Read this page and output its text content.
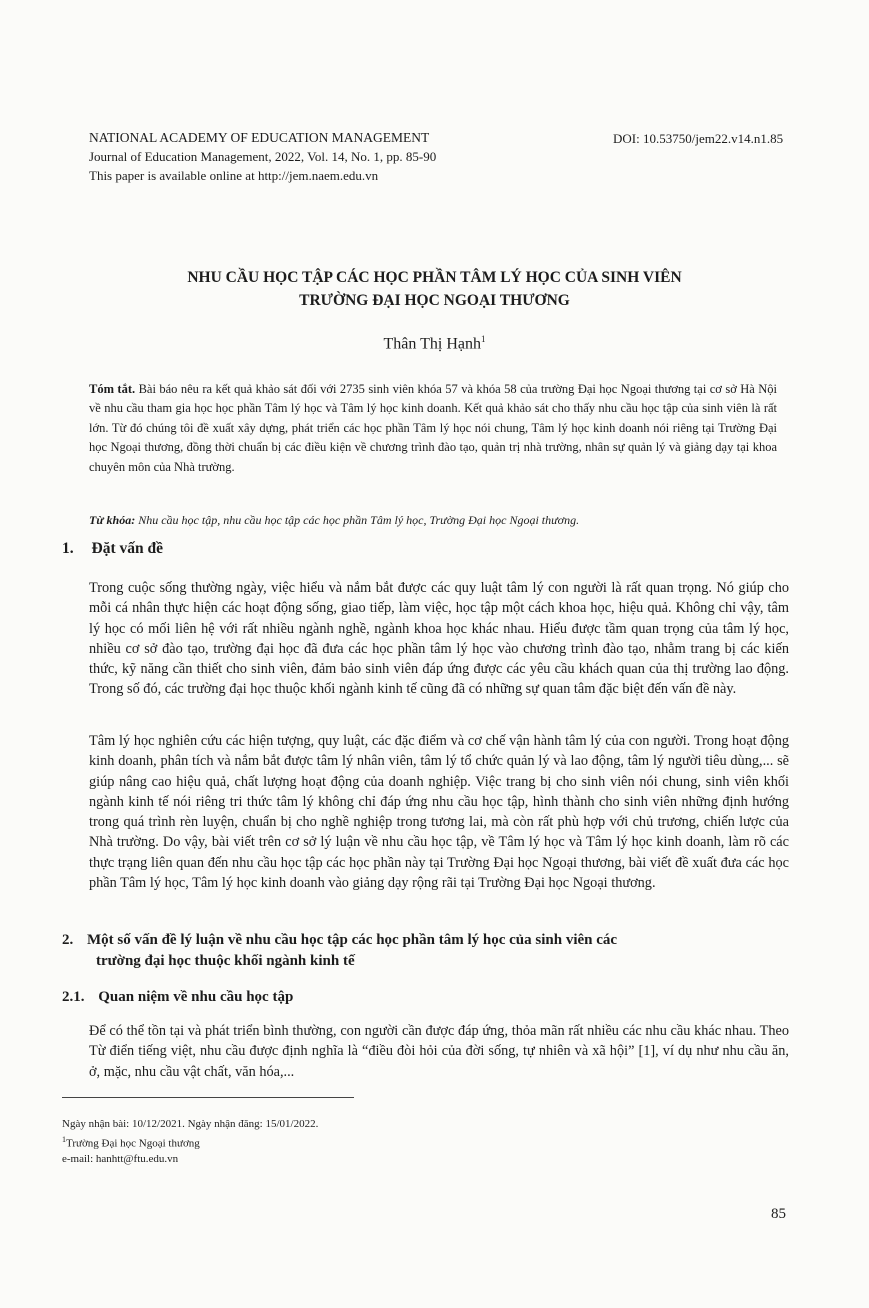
NATIONAL ACADEMY OF EDUCATION MANAGEMENT
Journal of Education Management, 2022, Vol. 14, No. 1, pp. 85-90
This paper is available online at http://jem.naem.edu.vn
DOI: 10.53750/jem22.v14.n1.85
NHU CẦU HỌC TẬP CÁC HỌC PHẦN TÂM LÝ HỌC CỦA SINH VIÊN
TRƯỜNG ĐẠI HỌC NGOẠI THƯƠNG
Thân Thị Hạnh$^1$
Tóm tắt. Bài báo nêu ra kết quả khảo sát đối với 2735 sinh viên khóa 57 và khóa 58 của trường Đại học Ngoại thương tại cơ sở Hà Nội về nhu cầu tham gia học học phần Tâm lý học và Tâm lý học kinh doanh. Kết quả khảo sát cho thấy nhu cầu học tập của sinh viên là rất lớn. Từ đó chúng tôi đề xuất xây dựng, phát triển các học phần Tâm lý học nói chung, Tâm lý học kinh doanh nói riêng tại Trường Đại học Ngoại thương, đồng thời chuẩn bị các điều kiện về chương trình đào tạo, quản trị nhà trường, nhân sự quản lý và giảng dạy tại khoa chuyên môn của Nhà trường.
Từ khóa: Nhu cầu học tập, nhu cầu học tập các học phần Tâm lý học, Trường Đại học Ngoại thương.
1. Đặt vấn đề

Trong cuộc sống thường ngày, việc hiểu và nắm bắt được các quy luật tâm lý con người là rất quan trọng. Nó giúp cho mỗi cá nhân thực hiện các hoạt động sống, giao tiếp, làm việc, học tập một cách khoa học, hiệu quả. Không chỉ vậy, tâm lý học có mối liên hệ với rất nhiều ngành nghề, ngành khoa học khác nhau. Hiểu được tầm quan trọng của tâm lý học, nhiều cơ sở đào tạo, trường đại học đã đưa các học phần tâm lý học vào chương trình đào tạo, nhằm trang bị các kiến thức, kỹ năng cần thiết cho sinh viên, đảm bảo sinh viên đáp ứng được các yêu cầu khách quan của thị trường lao động. Trong số đó, các trường đại học thuộc khối ngành kinh tế cũng đã có những sự quan tâm đặc biệt đến vấn đề này.

Tâm lý học nghiên cứu các hiện tượng, quy luật, các đặc điểm và cơ chế vận hành tâm lý của con người. Trong hoạt động kinh doanh, phân tích và nắm bắt được tâm lý nhân viên, tâm lý tổ chức quản lý và lao động, tâm lý người tiêu dùng,... sẽ giúp nâng cao hiệu quả, chất lượng hoạt động của doanh nghiệp. Việc trang bị cho sinh viên nói chung, sinh viên khối ngành kinh tế nói riêng tri thức tâm lý không chỉ đáp ứng nhu cầu học tập, hình thành cho sinh viên những định hướng trong quá trình rèn luyện, chuẩn bị cho nghề nghiệp trong tương lai, mà còn rất phù hợp với chủ trương, chiến lược của Nhà trường. Do vậy, bài viết trên cơ sở lý luận về nhu cầu học tập, về Tâm lý học và Tâm lý học kinh doanh, làm rõ các thực trạng liên quan đến nhu cầu học tập các học phần này tại Trường Đại học Ngoại thương, bài viết đề xuất đưa các học phần Tâm lý học, Tâm lý học kinh doanh vào giảng dạy rộng rãi tại Trường Đại học Ngoại thương.

2. Một số vấn đề lý luận về nhu cầu học tập các học phần tâm lý học của sinh viên các
trường đại học thuộc khối ngành kinh tế
2.1. Quan niệm về nhu cầu học tập

Để có thể tồn tại và phát triển bình thường, con người cần được đáp ứng, thỏa mãn rất nhiều các nhu cầu khác nhau. Theo Từ điển tiếng việt, nhu cầu được định nghĩa là “điều đòi hỏi của đời sống, tự nhiên và xã hội” [1], ví dụ như nhu cầu ăn, ở, mặc, nhu cầu vật chất, văn hóa,...

Ngày nhận bài: 10/12/2021. Ngày nhận đăng: 15/01/2022.
$^1$Trường Đại học Ngoại thương
e-mail: hanhtt@ftu.edu.vn
85
